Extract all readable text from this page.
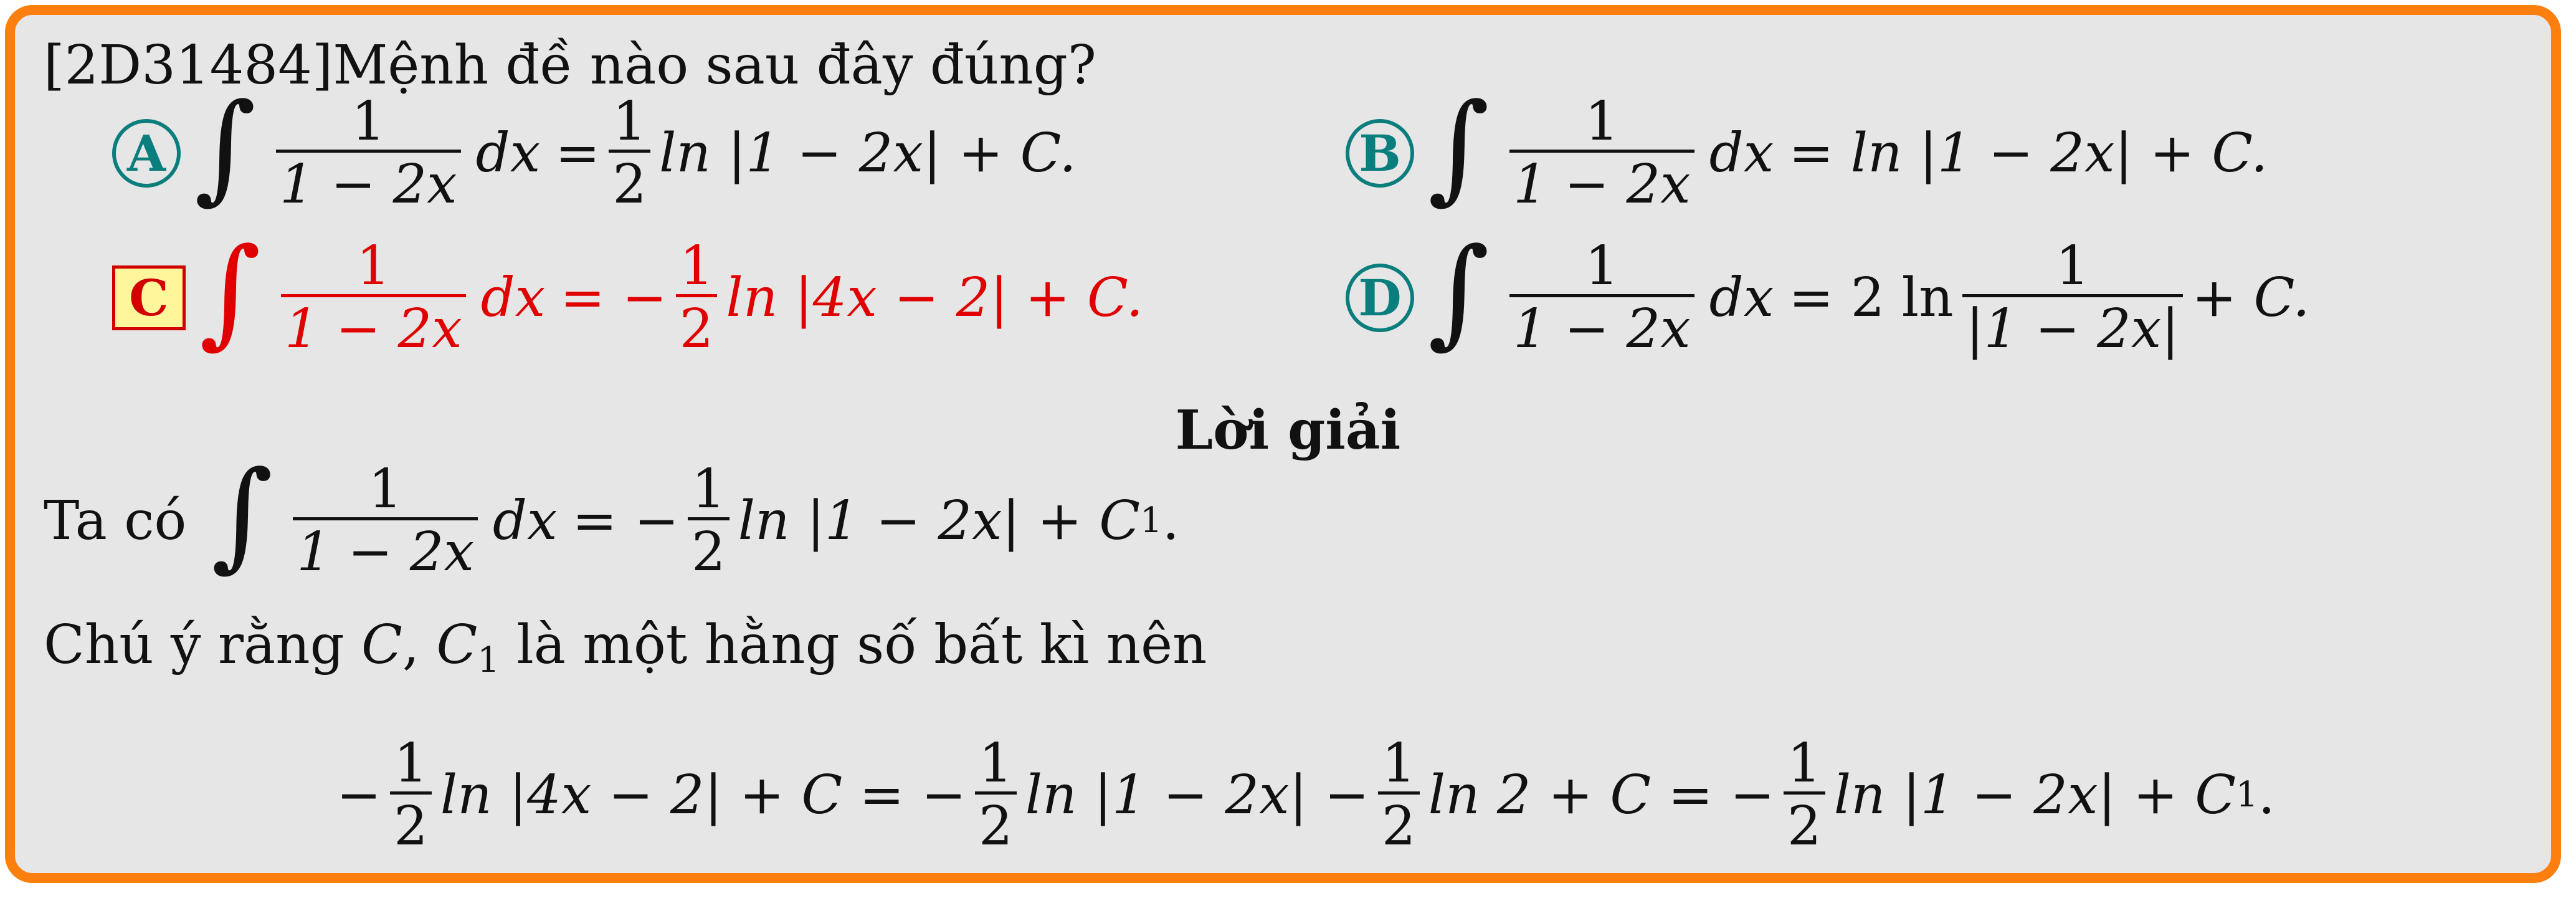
[2D31484]Mệnh đề nào sau đây đúng?
A ∫ $\frac{1}{1 - 2x}$ dx = $\frac{1}{2}$ ln |1 − 2x| + C.	B ∫ $\frac{1}{1 - 2x}$ dx = ln |1 − 2x| + C.
C ∫ $\frac{1}{1 - 2x}$ dx = − $\frac{1}{2}$ ln |4x − 2| + C.	D ∫ $\frac{1}{1 - 2x}$ dx = 2 $\ln \frac{1}{|1 - 2x|} + C$.
Lời giải
Ta có ∫ $\frac{1}{1 - 2x}$ dx = − $\frac{1}{2}$ ln |1 − 2x| + C 1 .
Chú ý rằng C, $C_1$ là một hằng số bất kì nên
− $\frac{1}{2}$ ln |4x − 2| + C = − $\frac{1}{2}$ $\ln |1 - 2x| - \frac{1}{2}$ ln 2 + C = − $\frac{1}{2}$ ln |1 − 2x| + C 1 .
